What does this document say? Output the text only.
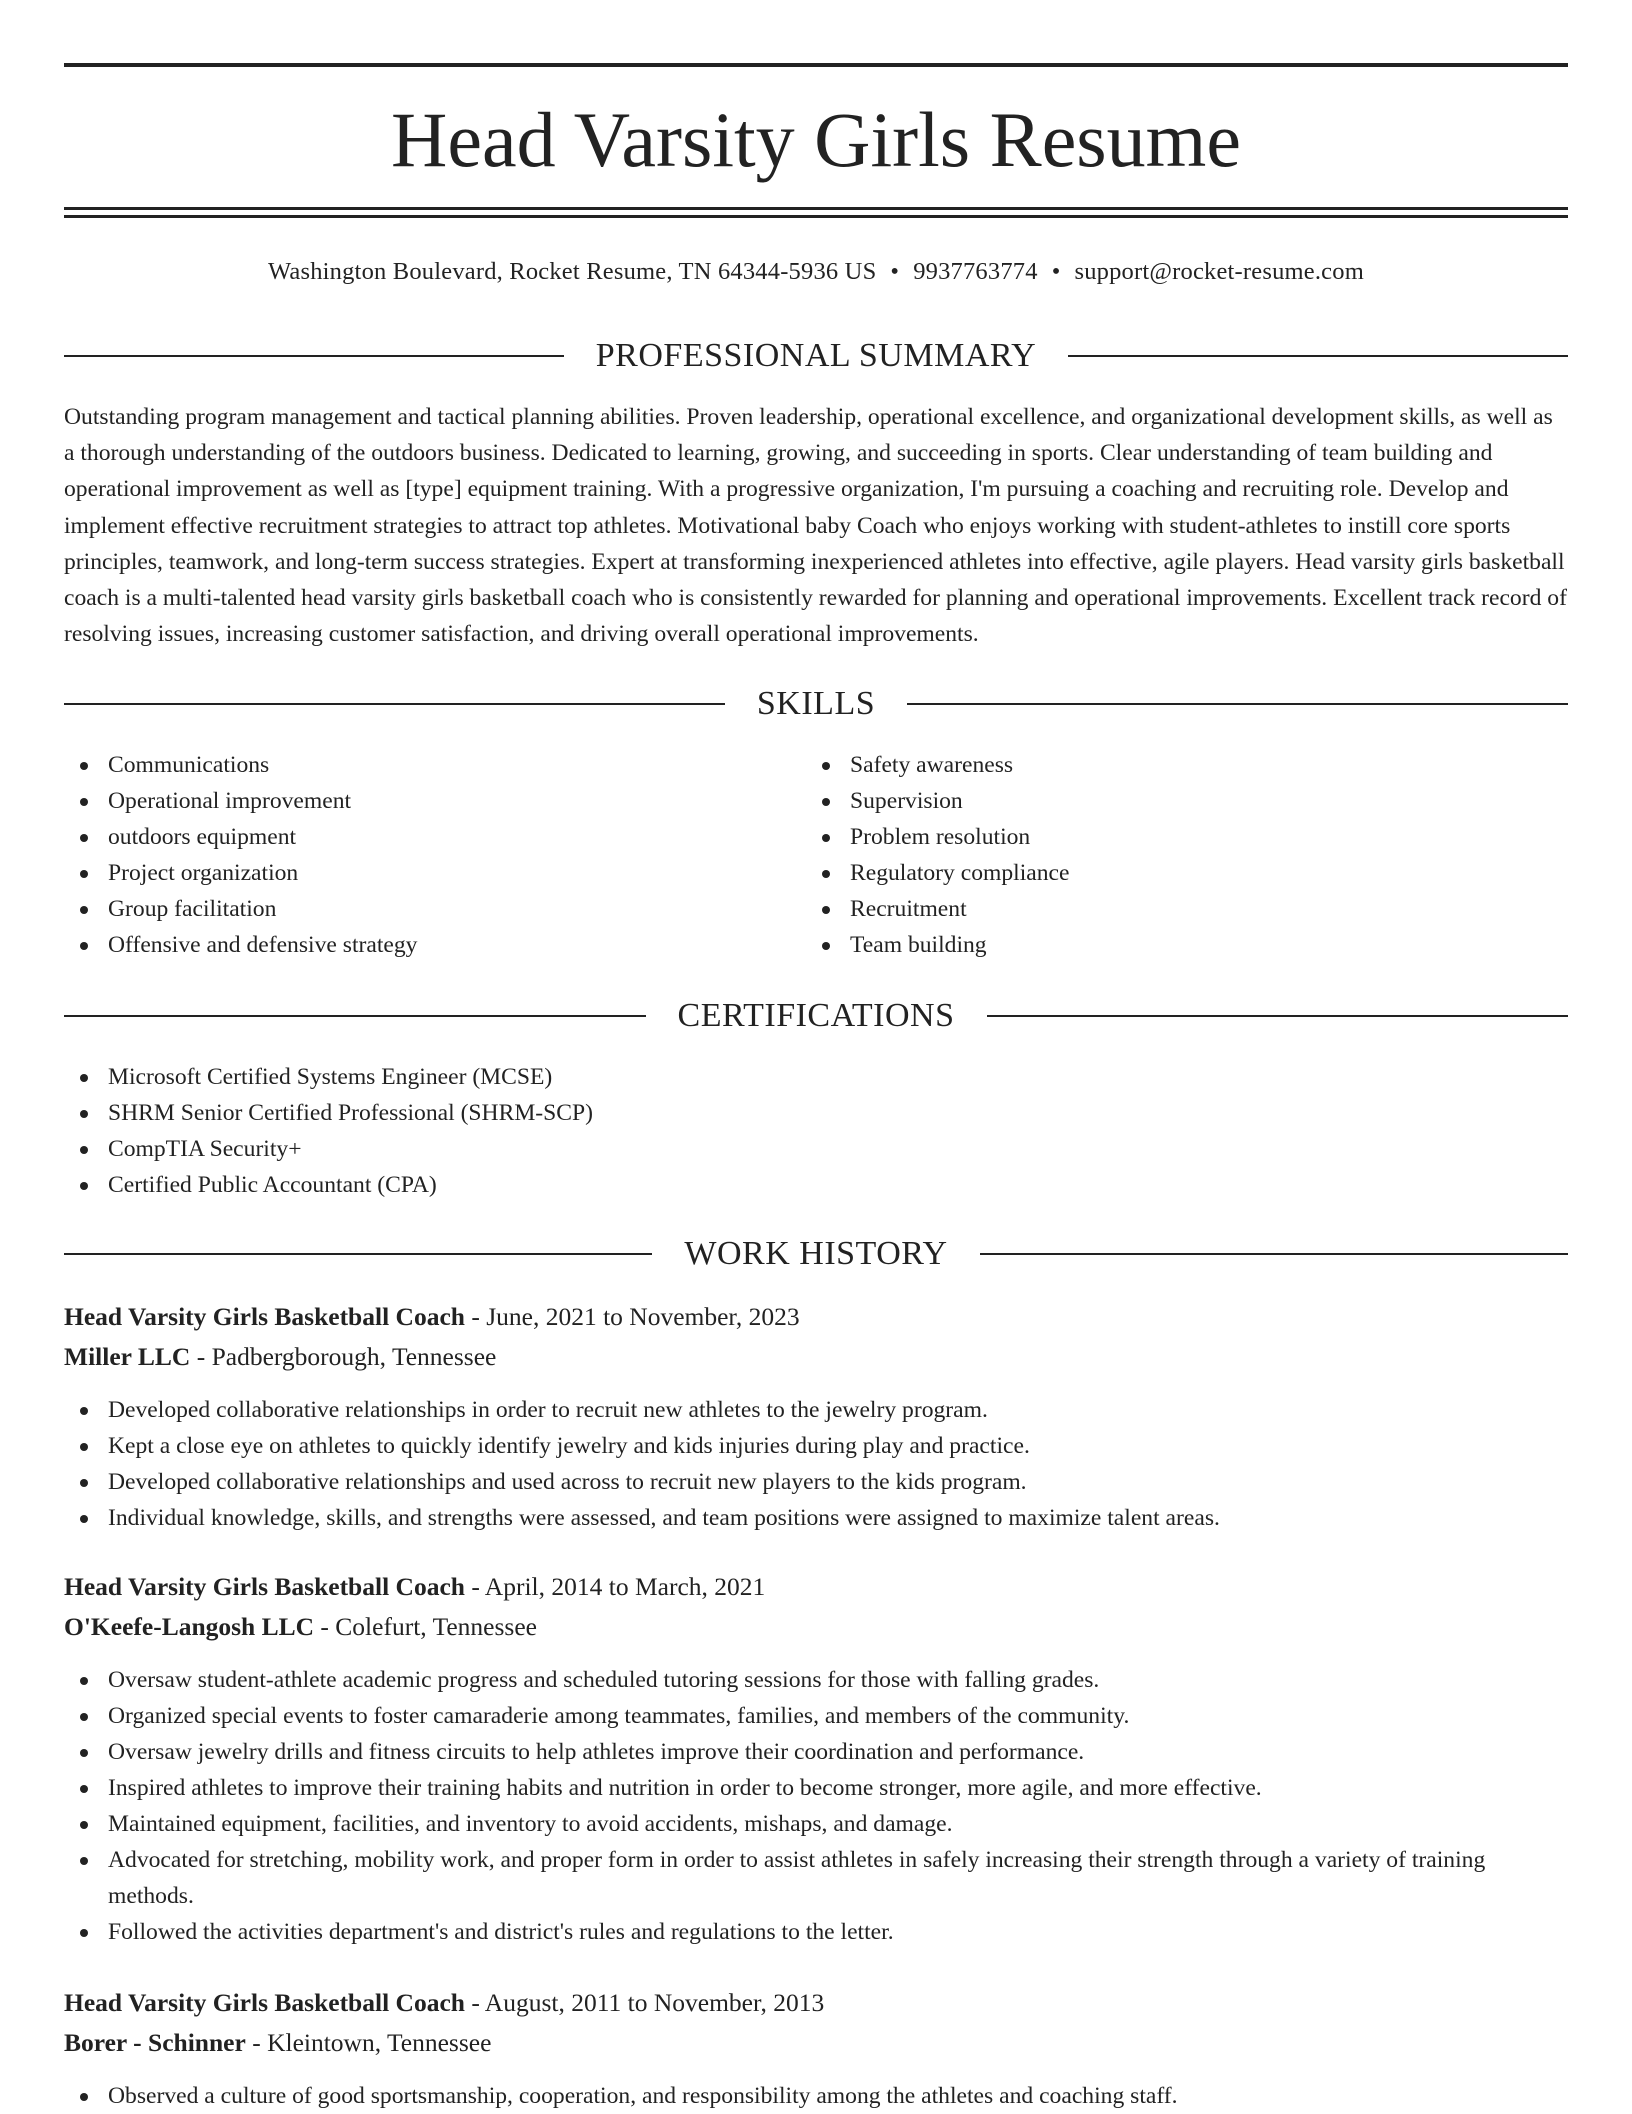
Head Varsity Girls Resume
Washington Boulevard, Rocket Resume, TN 64344-5936 US • 9937763774 • support@rocket-resume.com
PROFESSIONAL SUMMARY

Outstanding program management and tactical planning abilities. Proven leadership, operational excellence, and organizational development skills, as well as a thorough understanding of the outdoors business. Dedicated to learning, growing, and succeeding in sports. Clear understanding of team building and operational improvement as well as [type] equipment training. With a progressive organization, I'm pursuing a coaching and recruiting role. Develop and implement effective recruitment strategies to attract top athletes. Motivational baby Coach who enjoys working with student-athletes to instill core sports principles, teamwork, and long-term success strategies. Expert at transforming inexperienced athletes into effective, agile players. Head varsity girls basketball coach is a multi-talented head varsity girls basketball coach who is consistently rewarded for planning and operational improvements. Excellent track record of resolving issues, increasing customer satisfaction, and driving overall operational improvements.

SKILLS
Communications
Operational improvement
outdoors equipment
Project organization
Group facilitation
Offensive and defensive strategy
Safety awareness
Supervision
Problem resolution
Regulatory compliance
Recruitment
Team building
CERTIFICATIONS
Microsoft Certified Systems Engineer (MCSE)
SHRM Senior Certified Professional (SHRM-SCP)
CompTIA Security+
Certified Public Accountant (CPA)
WORK HISTORY
Head Varsity Girls Basketball Coach - June, 2021 to November, 2023
Miller LLC - Padbergborough, Tennessee
Developed collaborative relationships in order to recruit new athletes to the jewelry program.
Kept a close eye on athletes to quickly identify jewelry and kids injuries during play and practice.
Developed collaborative relationships and used across to recruit new players to the kids program.
Individual knowledge, skills, and strengths were assessed, and team positions were assigned to maximize talent areas.
Head Varsity Girls Basketball Coach - April, 2014 to March, 2021
O'Keefe-Langosh LLC - Colefurt, Tennessee
Oversaw student-athlete academic progress and scheduled tutoring sessions for those with falling grades.
Organized special events to foster camaraderie among teammates, families, and members of the community.
Oversaw jewelry drills and fitness circuits to help athletes improve their coordination and performance.
Inspired athletes to improve their training habits and nutrition in order to become stronger, more agile, and more effective.
Maintained equipment, facilities, and inventory to avoid accidents, mishaps, and damage.
Advocated for stretching, mobility work, and proper form in order to assist athletes in safely increasing their strength through a variety of training methods.
Followed the activities department's and district's rules and regulations to the letter.
Head Varsity Girls Basketball Coach - August, 2011 to November, 2013
Borer - Schinner - Kleintown, Tennessee
Observed a culture of good sportsmanship, cooperation, and responsibility among the athletes and coaching staff.
